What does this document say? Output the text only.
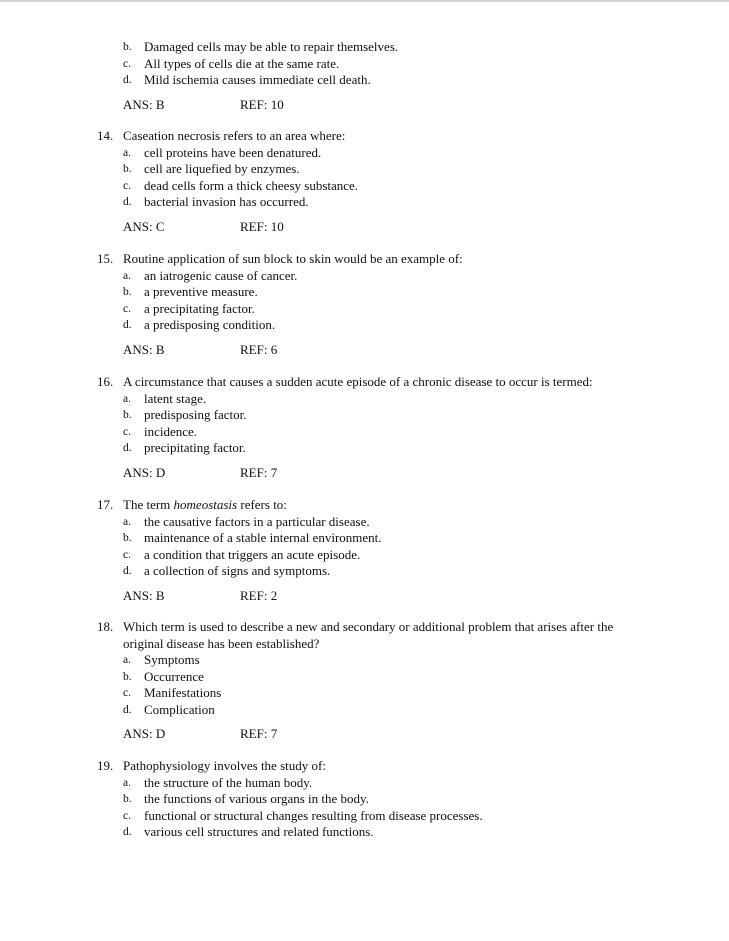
b. Damaged cells may be able to repair themselves.
c. All types of cells die at the same rate.
d. Mild ischemia causes immediate cell death.
ANS: B	REF: 10
14. Caseation necrosis refers to an area where:
a. cell proteins have been denatured.
b. cell are liquefied by enzymes.
c. dead cells form a thick cheesy substance.
d. bacterial invasion has occurred.
ANS: C	REF: 10
15. Routine application of sun block to skin would be an example of:
a. an iatrogenic cause of cancer.
b. a preventive measure.
c. a precipitating factor.
d. a predisposing condition.
ANS: B	REF: 6
16. A circumstance that causes a sudden acute episode of a chronic disease to occur is termed:
a. latent stage.
b. predisposing factor.
c. incidence.
d. precipitating factor.
ANS: D	REF: 7
17. The term homeostasis refers to:
a. the causative factors in a particular disease.
b. maintenance of a stable internal environment.
c. a condition that triggers an acute episode.
d. a collection of signs and symptoms.
ANS: B	REF: 2
18. Which term is used to describe a new and secondary or additional problem that arises after the
original disease has been established?
a. Symptoms
b. Occurrence
c. Manifestations
d. Complication
ANS: D	REF: 7
19. Pathophysiology involves the study of:
a. the structure of the human body.
b. the functions of various organs in the body.
c. functional or structural changes resulting from disease processes.
d. various cell structures and related functions.
